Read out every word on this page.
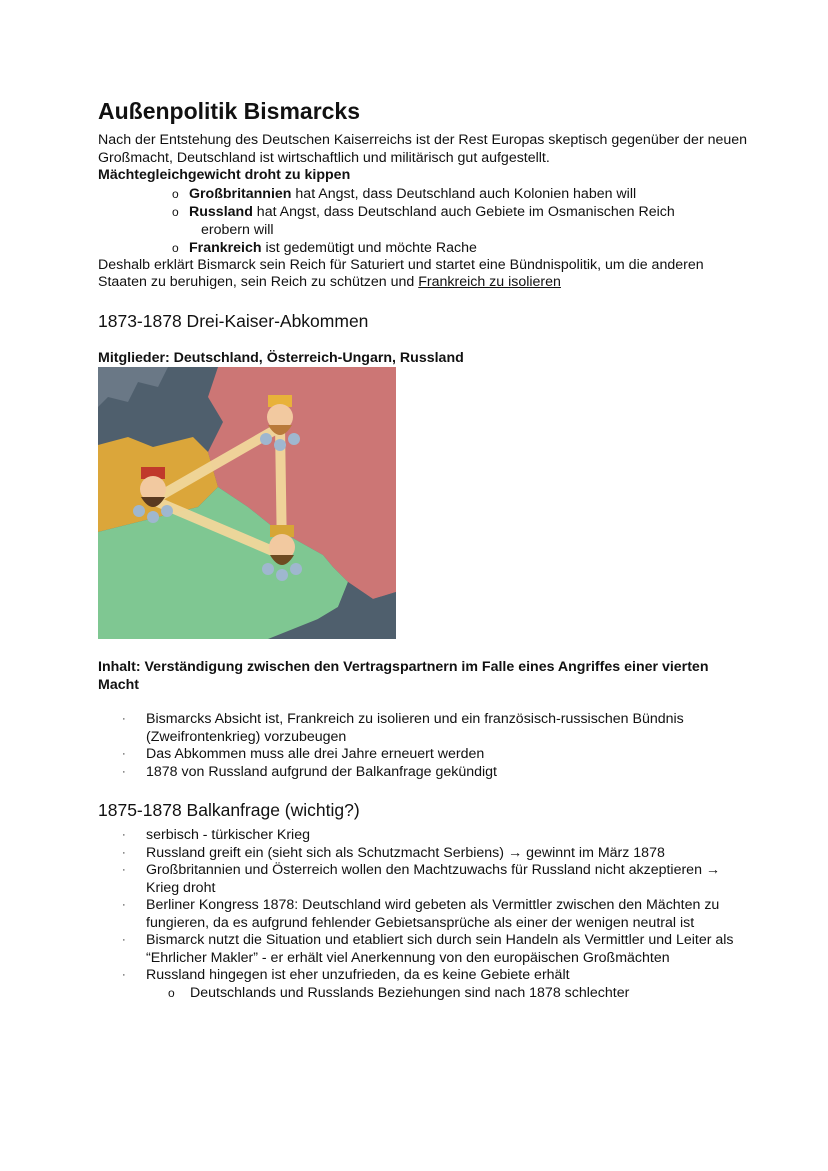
Außenpolitik Bismarcks

Nach der Entstehung des Deutschen Kaiserreichs ist der Rest Europas skeptisch gegenüber der neuen Großmacht, Deutschland ist wirtschaftlich und militärisch gut aufgestellt.

Mächtegleichgewicht droht zu kippen

o Großbritannien hat Angst, dass Deutschland auch Kolonien haben will
o Russland hat Angst, dass Deutschland auch Gebiete im Osmanischen Reich
erobern will
o Frankreich ist gedemütigt und möchte Rache

Deshalb erklärt Bismarck sein Reich für Saturiert und startet eine Bündnispolitik, um die anderen Staaten zu beruhigen, sein Reich zu schützen und Frankreich zu isolieren

1873-1878 Drei-Kaiser-Abkommen

Mitglieder: Deutschland, Österreich-Ungarn, Russland

Inhalt: Verständigung zwischen den Vertragspartnern im Falle eines Angriffes einer vierten Macht

· Bismarcks Absicht ist, Frankreich zu isolieren und ein französisch-russischen Bündnis (Zweifrontenkrieg) vorzubeugen
· Das Abkommen muss alle drei Jahre erneuert werden
· 1878 von Russland aufgrund der Balkanfrage gekündigt
1875-1878 Balkanfrage (wichtig?)
· serbisch - türkischer Krieg
· Russland greift ein (sieht sich als Schutzmacht Serbiens) → gewinnt im März 1878
· Großbritannien und Österreich wollen den Machtzuwachs für Russland nicht akzeptieren → Krieg droht
· Berliner Kongress 1878: Deutschland wird gebeten als Vermittler zwischen den Mächten zu fungieren, da es aufgrund fehlender Gebietsansprüche als einer der wenigen neutral ist
· Bismarck nutzt die Situation und etabliert sich durch sein Handeln als Vermittler und Leiter als “Ehrlicher Makler” - er erhält viel Anerkennung von den europäischen Großmächten
· Russland hingegen ist eher unzufrieden, da es keine Gebiete erhält
o Deutschlands und Russlands Beziehungen sind nach 1878 schlechter
